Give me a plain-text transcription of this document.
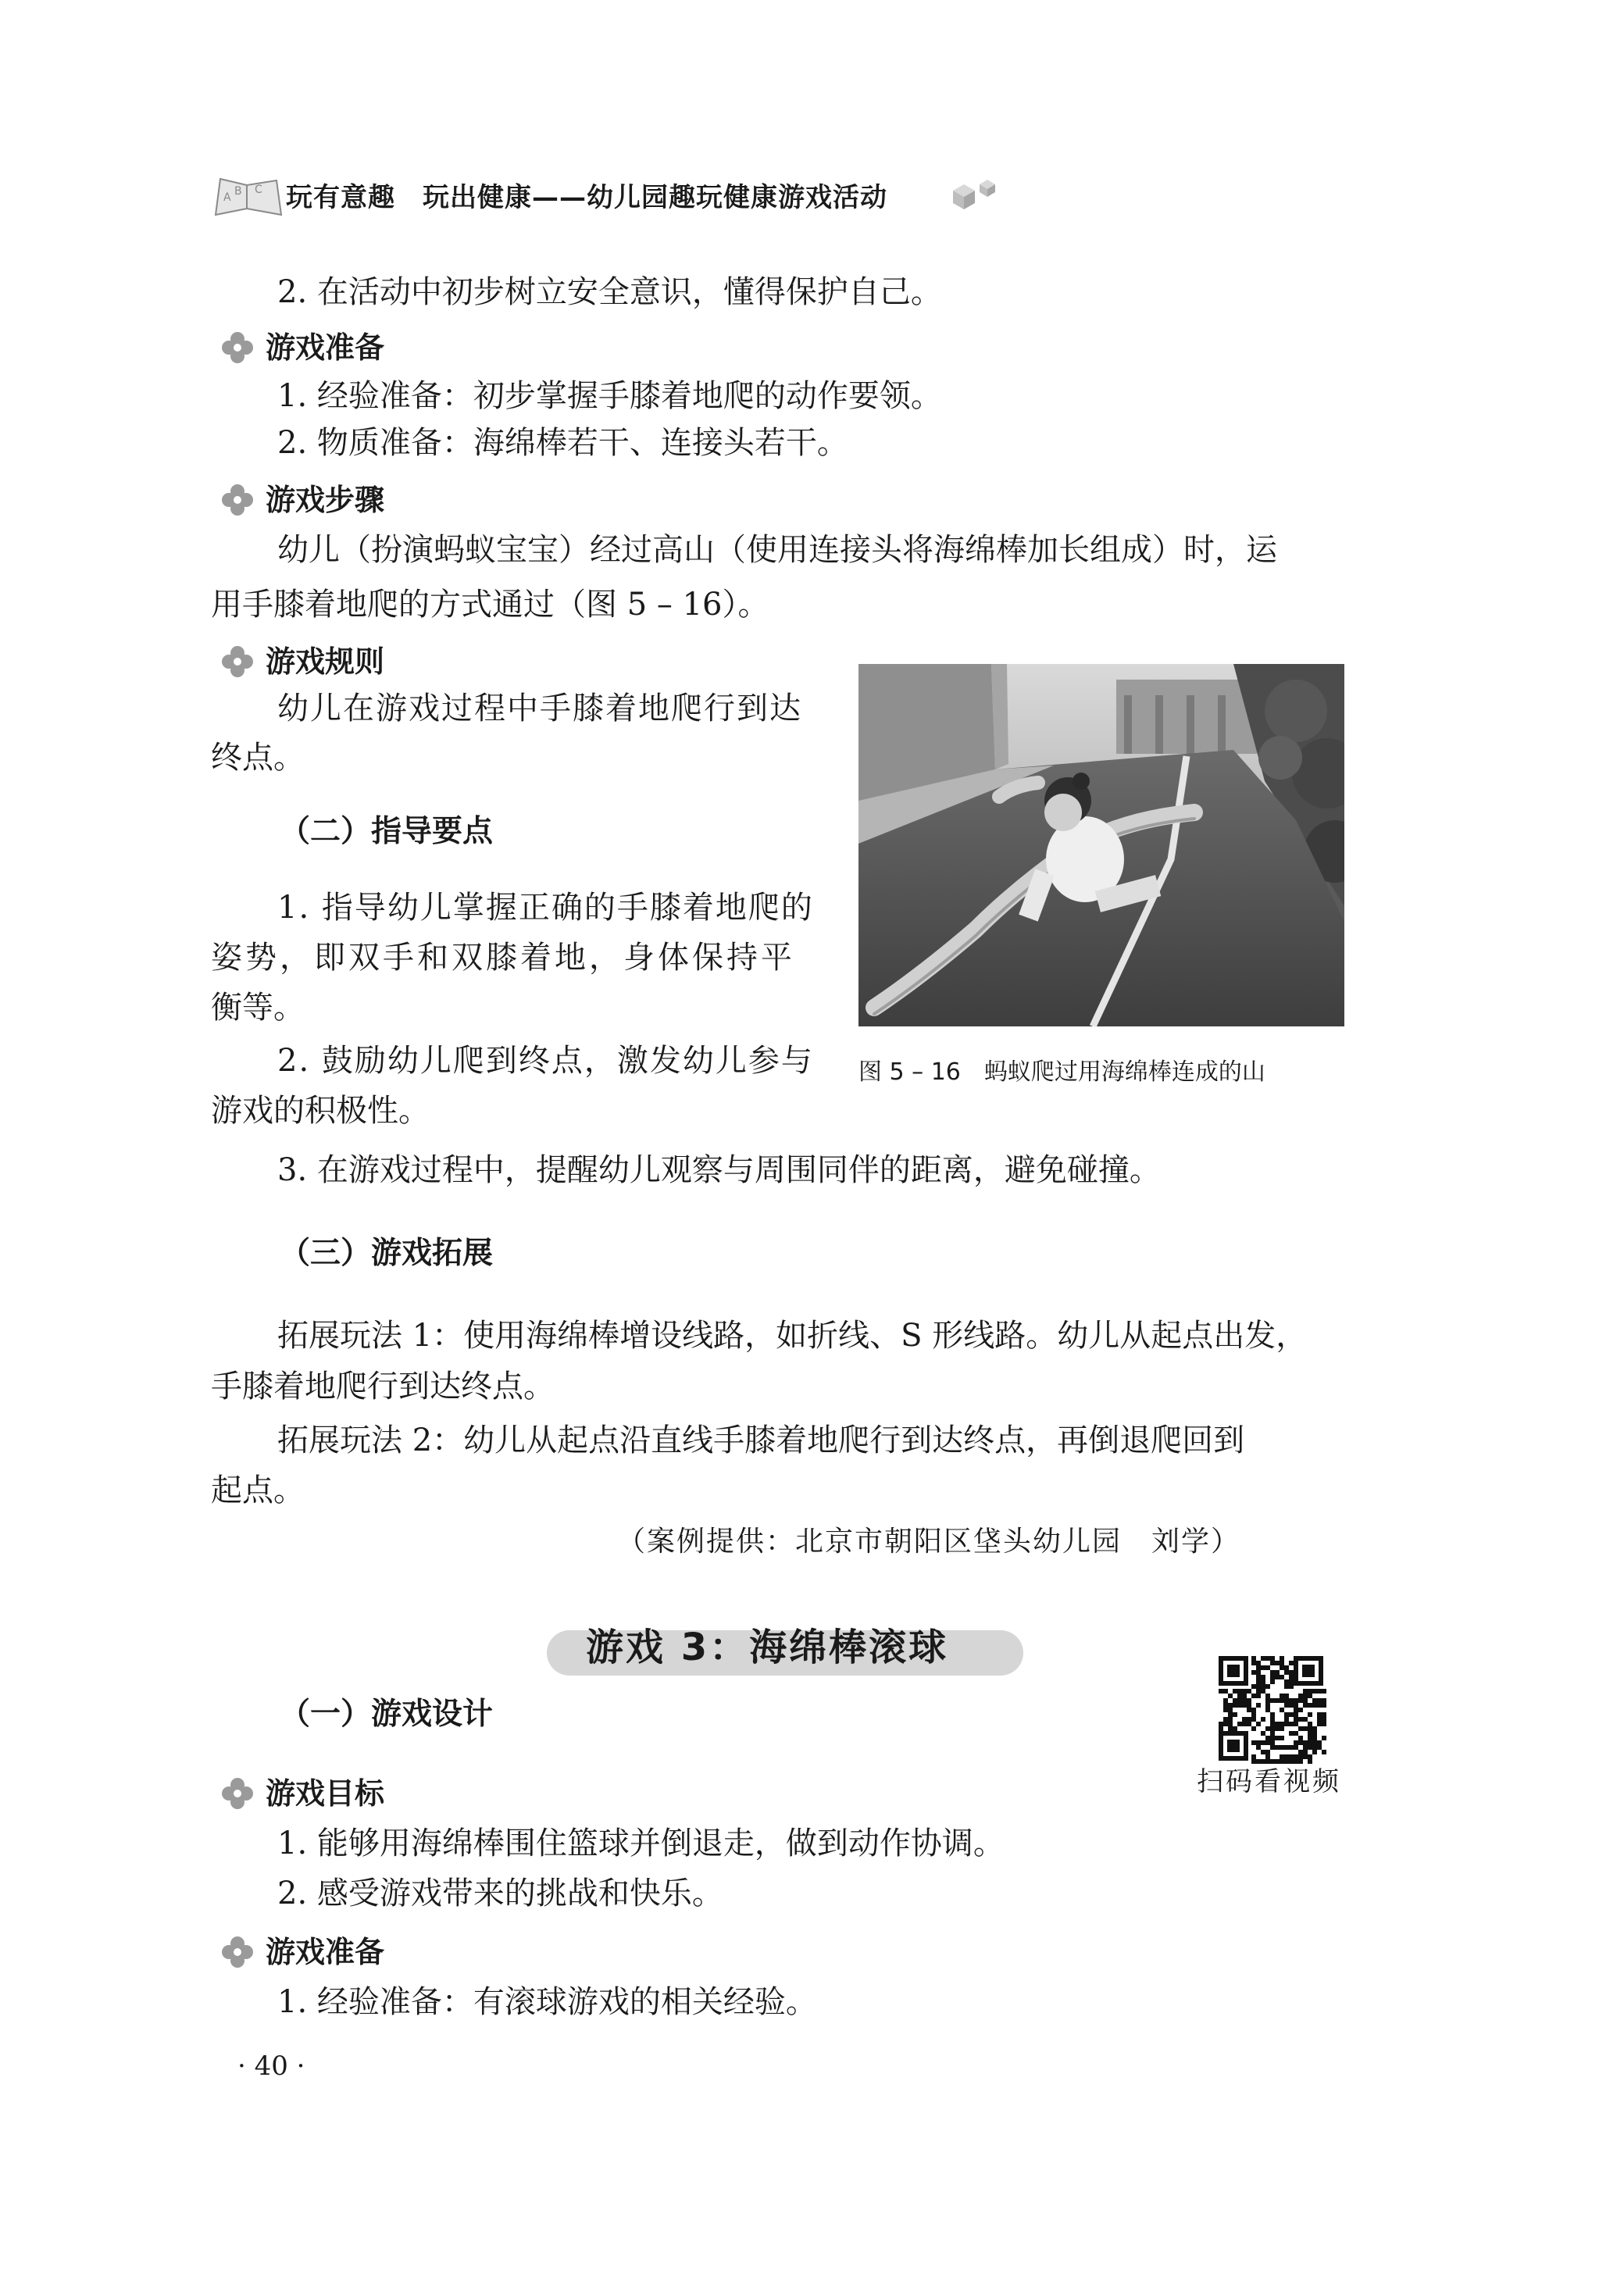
A B C 玩有意趣　玩出健康——幼儿园趣玩健康游戏活动

2. 在活动中初步树立安全意识，懂得保护自己。

游戏准备

1. 经验准备：初步掌握手膝着地爬的动作要领。

2. 物质准备：海绵棒若干、连接头若干。

游戏步骤

幼儿（扮演蚂蚁宝宝）经过高山（使用连接头将海绵棒加长组成）时，运

用手膝着地爬的方式通过（图 5 – 16）。

游戏规则

幼儿在游戏过程中手膝着地爬行到达

终点。

（二）指导要点

1. 指导幼儿掌握正确的手膝着地爬的

姿势，即双手和双膝着地，身体保持平

衡等。

2. 鼓励幼儿爬到终点，激发幼儿参与

游戏的积极性。

3. 在游戏过程中，提醒幼儿观察与周围同伴的距离，避免碰撞。

图 5 – 16　蚂蚁爬过用海绵棒连成的山
（三）游戏拓展

拓展玩法 1：使用海绵棒增设线路，如折线、S 形线路。幼儿从起点出发，

手膝着地爬行到达终点。

拓展玩法 2：幼儿从起点沿直线手膝着地爬行到达终点，再倒退爬回到

起点。

（案例提供：北京市朝阳区垡头幼儿园　刘学）
游戏 3：海绵棒滚球
扫码看视频
（一）游戏设计
游戏目标

1. 能够用海绵棒围住篮球并倒退走，做到动作协调。

2. 感受游戏带来的挑战和快乐。

游戏准备

1. 经验准备：有滚球游戏的相关经验。

· 40 ·
